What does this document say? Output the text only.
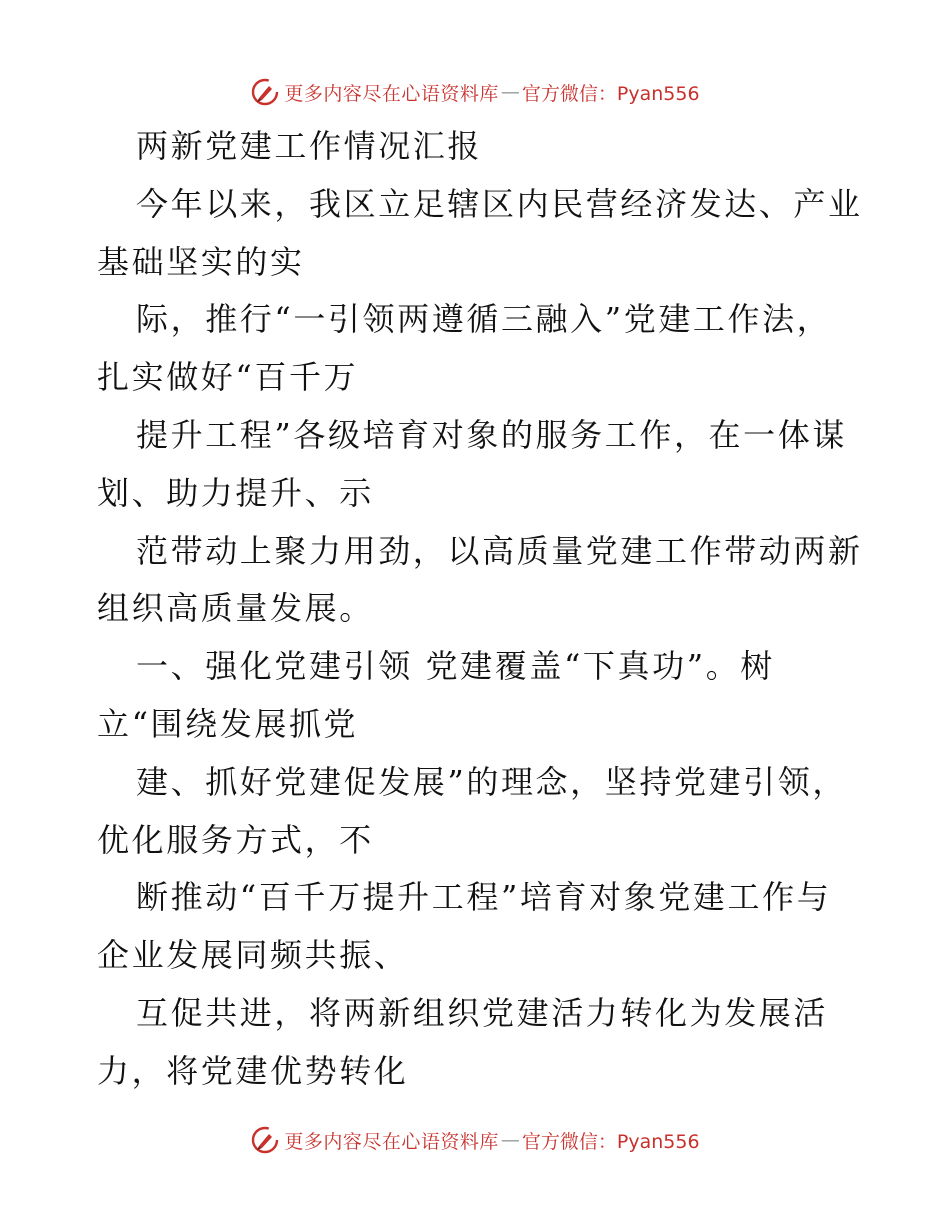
更多内容尽在心语资料库 — 官方微信：Pyan556
两新党建工作情况汇报
今年以来，我区立足辖区内民营经济发达、产业
基础坚实的实
际，推行“一引领两遵循三融入”党建工作法，
扎实做好“百千万
提升工程”各级培育对象的服务工作，在一体谋
划、助力提升、示
范带动上聚力用劲，以高质量党建工作带动两新
组织高质量发展。
一、强化党建引领 党建覆盖“下真功”。树
立“围绕发展抓党
建、抓好党建促发展”的理念，坚持党建引领，
优化服务方式，不
断推动“百千万提升工程”培育对象党建工作与
企业发展同频共振、
互促共进，将两新组织党建活力转化为发展活
力，将党建优势转化
更多内容尽在心语资料库 — 官方微信：Pyan556
